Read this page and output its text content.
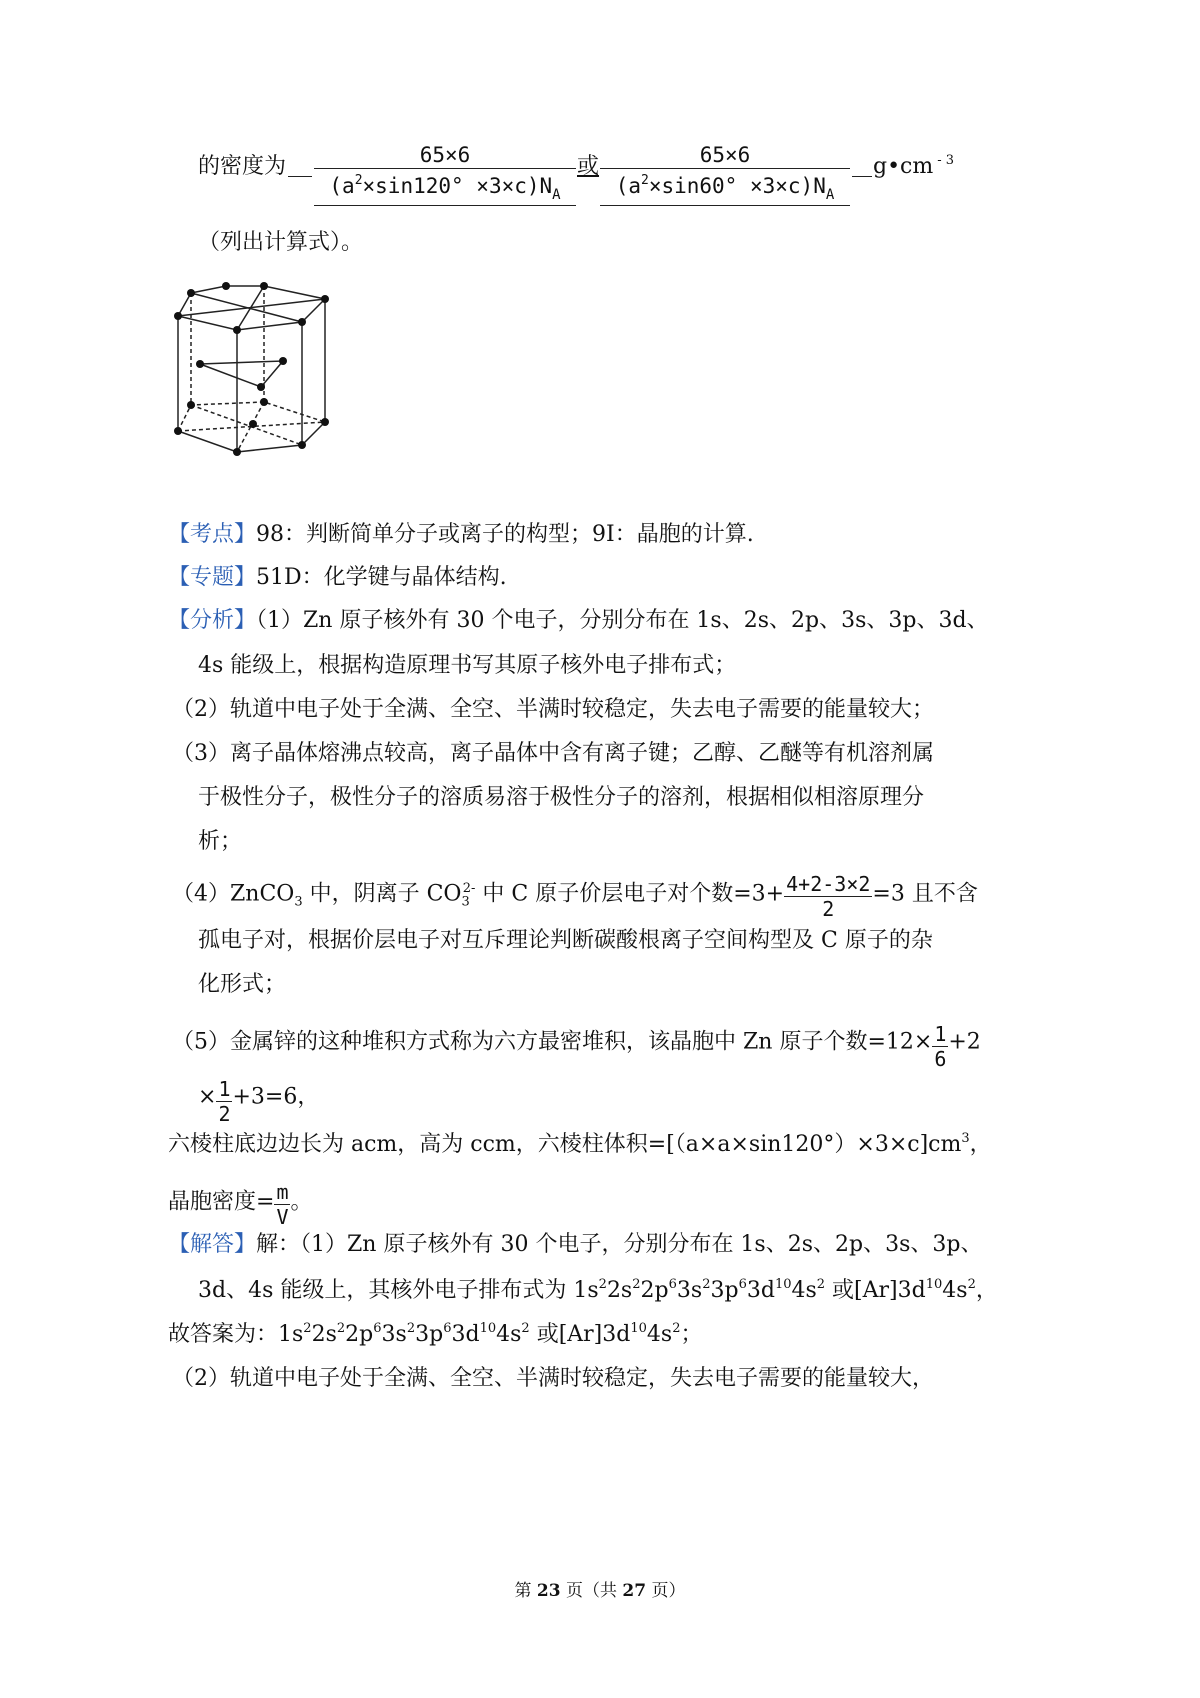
的密度为	65×6
$(a^2\times\sin 120^\circ \times 3\times c)N_A$
或	65×6
$(a^2\times\sin 60^\circ \times 3\times c)N_A$
g•cm $^{- 3}$
（列出计算式）。
【考点】98：判断简单分子或离子的构型；9I：晶胞的计算.
【专题】51D：化学键与晶体结构.
【分析】（1）Zn 原子核外有 30 个电子，分别分布在 1s、2s、2p、3s、3p、3d、
4s 能级上，根据构造原理书写其原子核外电子排布式；
（2）轨道中电子处于全满、全空、半满时较稳定，失去电子需要的能量较大；
（3）离子晶体熔沸点较高，离子晶体中含有离子键；乙醇、乙醚等有机溶剂属
于极性分子，极性分子的溶质易溶于极性分子的溶剂，根据相似相溶原理分
析；
（4）ZnCO$_3$ 中，阴离子 $CO_3^{2-}$ 中 C 原子价层电子对个数$=3+ \frac{4+2-3\times 2}{2} =3$ 且不含
孤电子对，根据价层电子对互斥理论判断碳酸根离子空间构型及 C 原子的杂
化形式；
（5）金属锌的这种堆积方式称为六方最密堆积，该晶胞中 Zn 原子个数$=12\times \frac{1}{6} +2$
× $\frac{1}{2} +3=6$，
六棱柱底边边长为 acm，高为 ccm，六棱柱体积$=[(a\times a\times\sin 120^\circ)\times 3\times c]cm^3$，
晶胞密度= $\frac{m}{V}$ 。
【解答】解：（1）Zn 原子核外有 30 个电子，分别分布在 1s、2s、2p、3s、3p、
3d、4s 能级上，其核外电子排布式为 $1s^22s^22p^63s^23p^63d^{10}4s^2$ 或$[Ar]3d^{10}4s^2$，
故答案为：$1s^22s^22p^63s^23p^63d^{10}4s^2$ 或$[Ar]3d^{10}4s^2$；
（2）轨道中电子处于全满、全空、半满时较稳定，失去电子需要的能量较大，
第 23 页（共 27 页）
